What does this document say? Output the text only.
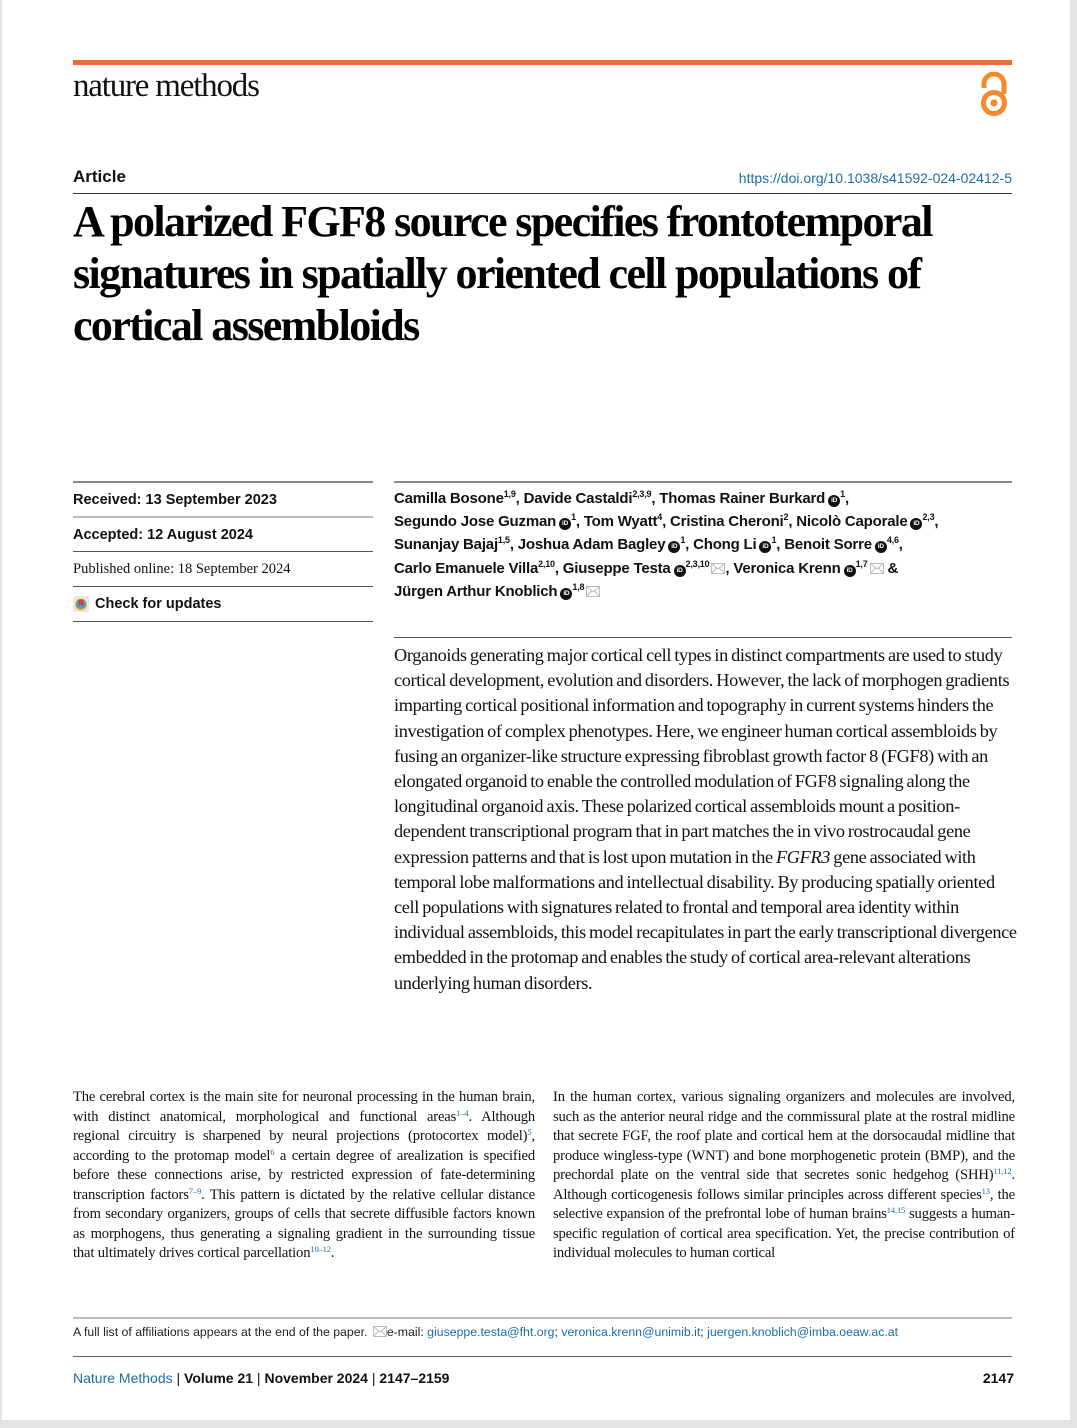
nature methods
Article	https://doi.org/10.1038/s41592-024-02412-5
A polarized FGF8 source specifies frontotemporal signatures in spatially oriented cell populations of cortical assembloids
Received: 13 September 2023
Accepted: 12 August 2024
Published online: 18 September 2024
Check for updates
Camilla Bosone$^{1,9}$, Davide Castaldi$^{2,3,9}$, Thomas Rainer Burkard $iD^1$,
Segundo Jose Guzman $iD^1$, Tom Wyatt$^4$, Cristina Cheroni$^2$, Nicolò Caporale iD$^{2,3}$,
Sunanjay Bajaj$^{1,5}$, Joshua Adam Bagley $iD^1$, Chong Li $iD^1$, Benoit Sorre iD$^{4,6}$,
Carlo Emanuele Villa$^{2,10}$, Giuseppe Testa iD$^{2,3,10}$ , Veronica Krenn iD$^{1,7}$ &
Jürgen Arthur Knoblich iD$^{1,8}$

Organoids generating major cortical cell types in distinct compartments are used to study cortical development, evolution and disorders. However, the lack of morphogen gradients imparting cortical positional information and topography in current systems hinders the investigation of complex phenotypes. Here, we engineer human cortical assembloids by fusing an organizer-like structure expressing fibroblast growth factor 8 (FGF8) with an elongated organoid to enable the controlled modulation of FGF8 signaling along the longitudinal organoid axis. These polarized cortical assembloids mount a position-dependent transcriptional program that in part matches the in vivo rostrocaudal gene expression patterns and that is lost upon mutation in the FGFR3 gene associated with temporal lobe malformations and intellectual disability. By producing spatially oriented cell populations with signatures related to frontal and temporal area identity within individual assembloids, this model recapitulates in part the early transcriptional divergence embedded in the protomap and enables the study of cortical area-relevant alterations underlying human disorders.

The cerebral cortex is the main site for neuronal processing in the human brain, with distinct anatomical, morphological and functional areas$^{1-4}$. Although regional circuitry is sharpened by neural projections (protocortex model)$^5$, according to the protomap model$^6$ a certain degree of arealization is specified before these connections arise, by restricted expression of fate-determining transcription factors$^{7-9}$. This pattern is dictated by the relative cellular distance from secondary organizers, groups of cells that secrete diffusible factors known as morphogens, thus generating a signaling gradient in the surrounding tissue that ultimately drives cortical parcellation$^{10-12}$.

In the human cortex, various signaling organizers and molecules are involved, such as the anterior neural ridge and the commissural plate at the rostral midline that secrete FGF, the roof plate and cortical hem at the dorsocaudal midline that produce wingless-type (WNT) and bone morphogenetic protein (BMP), and the prechordal plate on the ventral side that secretes sonic hedgehog (SHH)$^{11,12}$. Although corticogenesis follows similar principles across different species$^{13}$, the selective expansion of the prefrontal lobe of human brains$^{14,15}$ suggests a human-specific regulation of cortical area specification. Yet, the precise contribution of individual molecules to human cortical

A full list of affiliations appears at the end of the paper. e-mail: giuseppe.testa@fht.org; veronica.krenn@unimib.it; juergen.knoblich@imba.oeaw.ac.at
Nature Methods | Volume 21 | November 2024 | 2147–2159	2147
